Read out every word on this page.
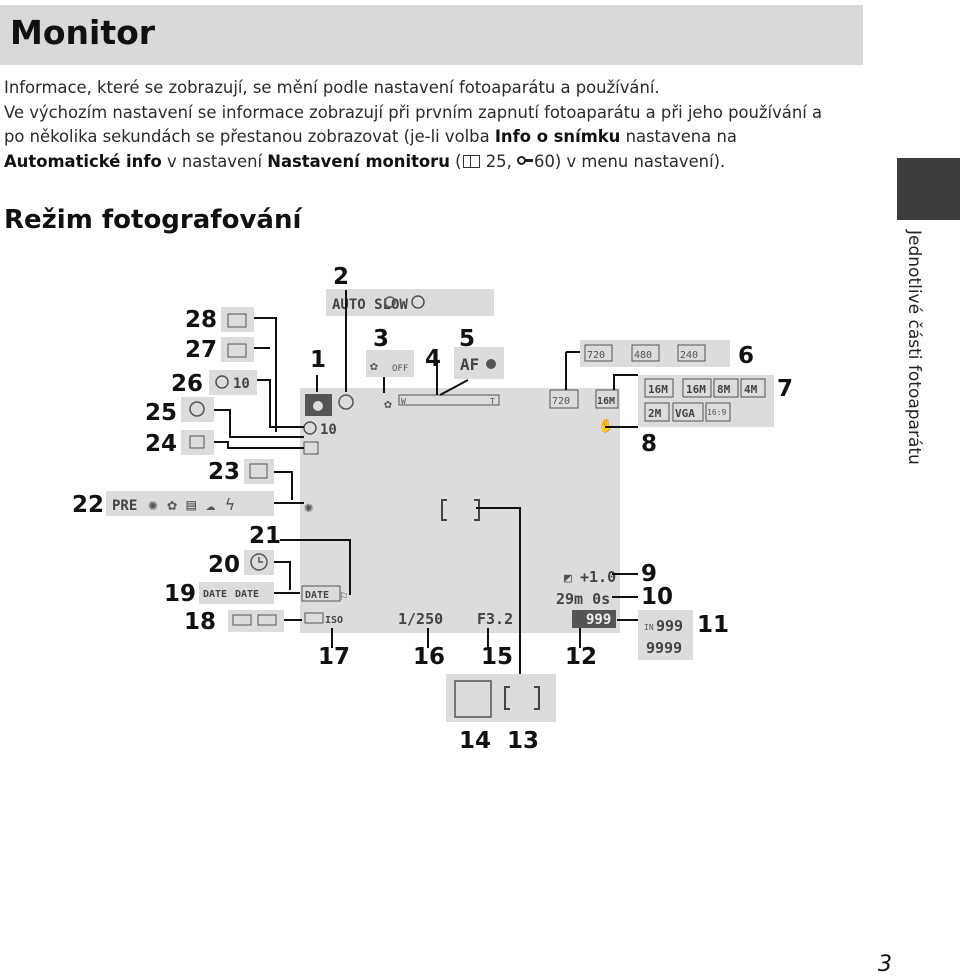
Monitor
Informace, které se zobrazují, se mění podle nastavení fotoaparátu a používání.
Ve výchozím nastavení se informace zobrazují při prvním zapnutí fotoaparátu a při jeho používání a
po několika sekundách se přestanou zobrazovat (je-li volba Info o snímku nastavena na
Automatické info v nastavení Nastavení monitoru (
25,
60) v menu nastavení).
Režim fotografování
Jednotlivé části fotoaparátu
AUTO SLOW
✿ OFF	AF	720	480	240
16M 16M 8M 4M
2M VGA 16:9
IN 999
9999
10
PRE ✺ ✿ ▤ ☁ ϟ
DATE DATE
✿ W	T	720	16M
✋
10
✺
◩ +1.0
29m 0s
999
1/250 F3.2
ISO
DATE ⚐
1
2
3
4
5
6
7
8
9
10
11
12
13
14
15
16
17
18
19
20
21
22
23
24
25
26
27
28
3
